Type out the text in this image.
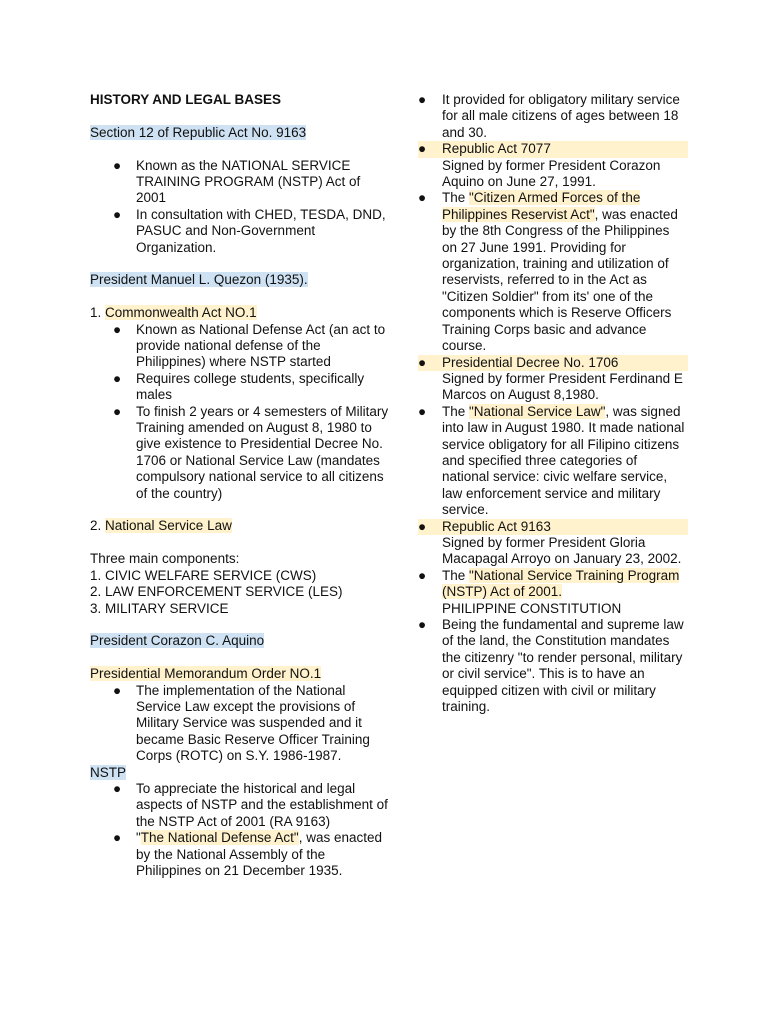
HISTORY AND LEGAL BASES

Section 12 of Republic Act No. 9163

● Known as the NATIONAL SERVICE TRAINING PROGRAM (NSTP) Act of 2001
● In consultation with CHED, TESDA, DND, PASUC and Non-Government Organization.

President Manuel L. Quezon (1935).

1. Commonwealth Act NO.1

● Known as National Defense Act (an act to provide national defense of the Philippines) where NSTP started
● Requires college students, specifically males
● To finish 2 years or 4 semesters of Military Training amended on August 8, 1980 to give existence to Presidential Decree No. 1706 or National Service Law (mandates compulsory national service to all citizens of the country)

2. National Service Law

Three main components:

1. CIVIC WELFARE SERVICE (CWS)

2. LAW ENFORCEMENT SERVICE (LES)

3. MILITARY SERVICE

President Corazon C. Aquino

Presidential Memorandum Order NO.1

● The implementation of the National Service Law except the provisions of Military Service was suspended and it became Basic Reserve Officer Training Corps (ROTC) on S.Y. 1986-1987.

NSTP

● To appreciate the historical and legal aspects of NSTP and the establishment of the NSTP Act of 2001 (RA 9163)
● "The National Defense Act", was enacted by the National Assembly of the Philippines on 21 December 1935.
● It provided for obligatory military service for all male citizens of ages between 18 and 30.
● Republic Act 7077
Signed by former President Corazon Aquino on June 27, 1991.
● The "Citizen Armed Forces of the Philippines Reservist Act", was enacted by the 8th Congress of the Philippines on 27 June 1991. Providing for organization, training and utilization of reservists, referred to in the Act as "Citizen Soldier" from its' one of the components which is Reserve Officers Training Corps basic and advance course.
● Presidential Decree No. 1706
Signed by former President Ferdinand E Marcos on August 8,1980.
● The "National Service Law", was signed into law in August 1980. It made national service obligatory for all Filipino citizens and specified three categories of national service: civic welfare service, law enforcement service and military service.
● Republic Act 9163
Signed by former President Gloria Macapagal Arroyo on January 23, 2002.
● The "National Service Training Program (NSTP) Act of 2001.
PHILIPPINE CONSTITUTION
● Being the fundamental and supreme law of the land, the Constitution mandates the citizenry "to render personal, military or civil service". This is to have an equipped citizen with civil or military training.
